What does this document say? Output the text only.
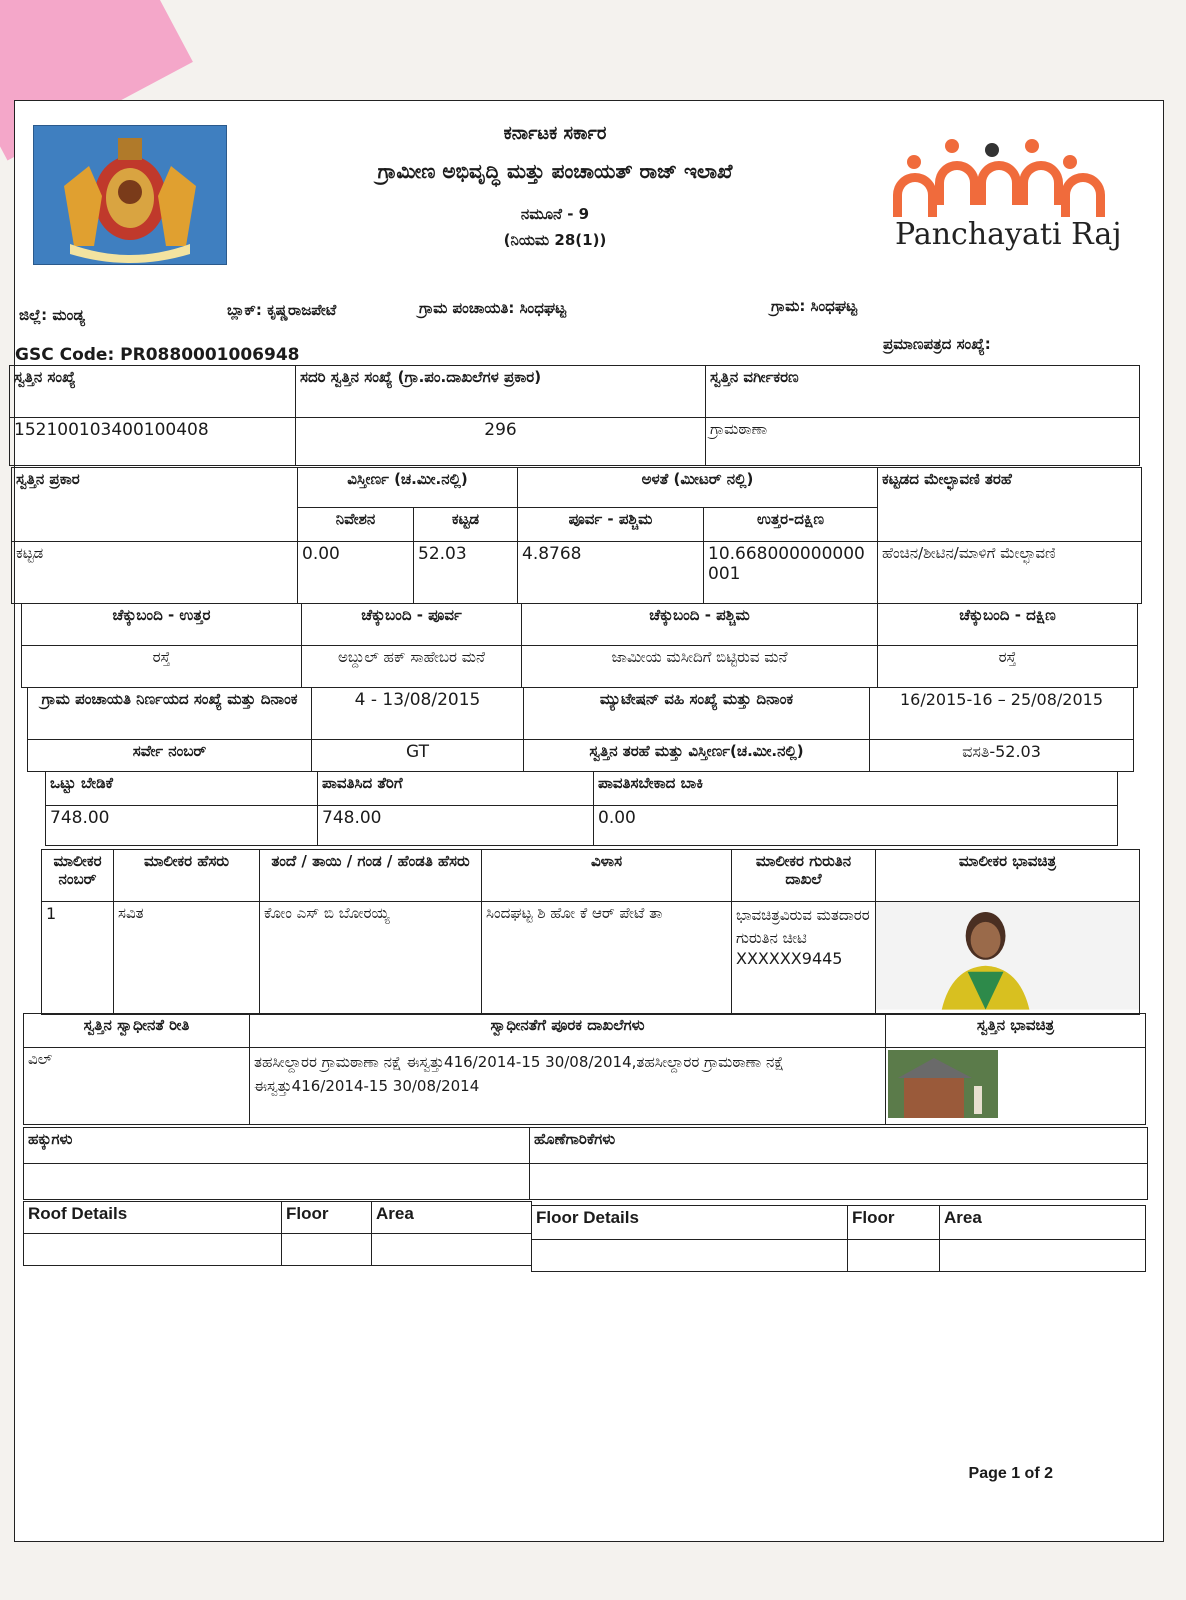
ಕರ್ನಾಟಕ ಸರ್ಕಾರ
ಗ್ರಾಮೀಣ ಅಭಿವೃದ್ಧಿ ಮತ್ತು ಪಂಚಾಯತ್ ರಾಜ್ ಇಲಾಖೆ
ನಮೂನೆ - 9
(ನಿಯಮ 28(1))	Panchayati Raj
ಜಿಲ್ಲೆ: ಮಂಡ್ಯ	ಬ್ಲಾಕ್: ಕೃಷ್ಣರಾಜಪೇಟೆ	ಗ್ರಾಮ ಪಂಚಾಯತಿ: ಸಿಂಧಘಟ್ಟ	ಗ್ರಾಮ: ಸಿಂಧಘಟ್ಟ
GSC Code: PR0880001006948
ಪ್ರಮಾಣಪತ್ರದ ಸಂಖ್ಯೆ:
ಸ್ವತ್ತಿನ ಸಂಖ್ಯೆ	ಸದರಿ ಸ್ವತ್ತಿನ ಸಂಖ್ಯೆ (ಗ್ರಾ.ಪಂ.ದಾಖಲೆಗಳ ಪ್ರಕಾರ)	ಸ್ವತ್ತಿನ ವರ್ಗೀಕರಣ
152100103400100408	296	ಗ್ರಾಮಠಾಣಾ
ಸ್ವತ್ತಿನ ಪ್ರಕಾರ	ವಿಸ್ತೀರ್ಣ (ಚ.ಮೀ.ನಲ್ಲಿ)		ಅಳತೆ (ಮೀಟರ್ ನಲ್ಲಿ)		ಕಟ್ಟಡದ ಮೇಲ್ಛಾವಣಿ ತರಹೆ
	ನಿವೇಶನ	ಕಟ್ಟಡ	ಪೂರ್ವ - ಪಶ್ಚಿಮ	ಉತ್ತರ-ದಕ್ಷಿಣ	
ಕಟ್ಟಡ	0.00	52.03	4.8768	10.668000000000001	ಹೆಂಚಿನ/ಶೀಟಿನ/ಮಾಳಿಗೆ ಮೇಲ್ಛಾವಣಿ
ಚೆಕ್ಕುಬಂದಿ - ಉತ್ತರ	ಚೆಕ್ಕುಬಂದಿ - ಪೂರ್ವ	ಚೆಕ್ಕುಬಂದಿ - ಪಶ್ಚಿಮ	ಚೆಕ್ಕುಬಂದಿ - ದಕ್ಷಿಣ
ರಸ್ತೆ	ಅಬ್ದುಲ್ ಹಕ್ ಸಾಹೇಬರ ಮನೆ	ಜಾಮೀಯ ಮಸೀದಿಗೆ ಬಿಟ್ಟಿರುವ ಮನೆ	ರಸ್ತೆ
ಗ್ರಾಮ ಪಂಚಾಯತಿ ನಿರ್ಣಯದ ಸಂಖ್ಯೆ ಮತ್ತು ದಿನಾಂಕ	4 - 13/08/2015	ಮ್ಯುಟೇಷನ್ ವಹಿ ಸಂಖ್ಯೆ ಮತ್ತು ದಿನಾಂಕ	16/2015-16 – 25/08/2015
ಸರ್ವೇ ನಂಬರ್	GT	ಸ್ವತ್ತಿನ ತರಹೆ ಮತ್ತು ವಿಸ್ತೀರ್ಣ(ಚ.ಮೀ.ನಲ್ಲಿ)	ವಸತಿ-52.03
ಒಟ್ಟು ಬೇಡಿಕೆ	ಪಾವತಿಸಿದ ತೆರಿಗೆ	ಪಾವತಿಸಬೇಕಾದ ಬಾಕಿ
748.00	748.00	0.00
ಮಾಲೀಕರ ನಂಬರ್	ಮಾಲೀಕರ ಹೆಸರು	ತಂದೆ / ತಾಯಿ / ಗಂಡ / ಹೆಂಡತಿ ಹೆಸರು	ವಿಳಾಸ	ಮಾಲೀಕರ ಗುರುತಿನ ದಾಖಲೆ	ಮಾಲೀಕರ ಭಾವಚಿತ್ರ
1	ಸವಿತ	ಕೋಂ ಎಸ್ ಬಿ ಬೋರಯ್ಯ	ಸಿಂದಘಟ್ಟ ಶಿ ಹೋ ಕೆ ಆರ್ ಪೇಟೆ ತಾ	ಭಾವಚಿತ್ರವಿರುವ ಮತದಾರರ ಗುರುತಿನ ಚೀಟಿ
XXXXXX9445

ಸ್ವತ್ತಿನ ಸ್ವಾಧೀನತೆ ರೀತಿ	ಸ್ವಾಧೀನತೆಗೆ ಪೂರಕ ದಾಖಲೆಗಳು	ಸ್ವತ್ತಿನ ಭಾವಚಿತ್ರ
ವಿಲ್	ತಹಸೀಲ್ದಾರರ ಗ್ರಾಮಠಾಣಾ ನಕ್ಷೆ ಈಸ್ವತ್ತು416/2014-15 30/08/2014,ತಹಸೀಲ್ದಾರರ ಗ್ರಾಮಠಾಣಾ ನಕ್ಷೆ ಈಸ್ವತ್ತು416/2014-15 30/08/2014	
ಹಕ್ಕುಗಳು	ಹೊಣೆಗಾರಿಕೆಗಳು

Roof Details	Floor	Area
			Floor Details	Floor	Area

Page 1 of 2
